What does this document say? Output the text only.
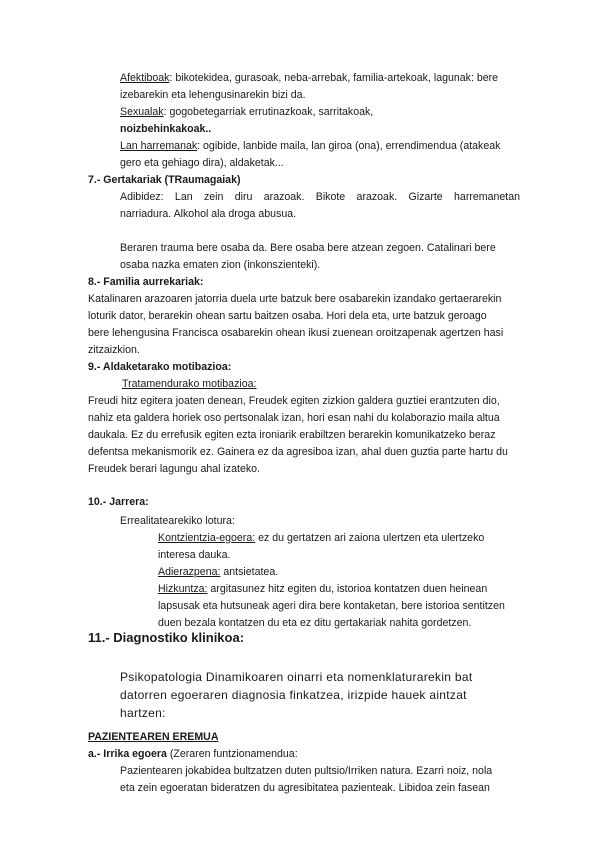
Afektiboak: bikotekidea, gurasoak, neba-arrebak, familia-artekoak, lagunak: bere

izebarekin eta lehengusinarekin bizi da.

Sexualak: gogobetegarriak errutinazkoak, sarritakoak,

noizbehinkakoak..

Lan harremanak: ogibide, lanbide maila, lan giroa (ona), errendimendua (atakeak

gero eta gehiago dira), aldaketak...

7.- Gertakariak (TRaumagaiak)

Adibidez: Lan zein diru arazoak. Bikote arazoak. Gizarte harremanetan

narriadura. Alkohol ala droga abusua.

Beraren trauma bere osaba da. Bere osaba bere atzean zegoen. Catalinari bere

osaba nazka ematen zion (inkonszienteki).

8.- Familia aurrekariak:

Katalinaren arazoaren jatorria duela urte batzuk bere osabarekin izandako gertaerarekin

loturik dator, berarekin ohean sartu baitzen osaba. Hori dela eta, urte batzuk geroago

bere lehengusina Francisca osabarekin ohean ikusi zuenean oroitzapenak agertzen hasi

zitzaizkion.

9.- Aldaketarako motibazioa:

Tratamendurako motibazioa:

Freudi hitz egitera joaten denean, Freudek egiten zizkion galdera guztiei erantzuten dio,

nahiz eta galdera horiek oso pertsonalak izan, hori esan nahi du kolaborazio maila altua

daukala. Ez du errefusik egiten ezta ironiarik erabiltzen berarekin komunikatzeko beraz

defentsa mekanismorik ez. Gainera ez da agresiboa izan, ahal duen guztia parte hartu du

Freudek berari lagungu ahal izateko.

10.- Jarrera:

Errealitatearekiko lotura:

Kontzientzia-egoera: ez du gertatzen ari zaiona ulertzen eta ulertzeko

interesa dauka.

Adierazpena: antsietatea.

Hizkuntza: argitasunez hitz egiten du, istorioa kontatzen duen heinean

lapsusak eta hutsuneak ageri dira bere kontaketan, bere istorioa sentitzen

duen bezala kontatzen du eta ez ditu gertakariak nahita gordetzen.

11.- Diagnostiko klinikoa:

Psikopatologia Dinamikoaren oinarri eta nomenklaturarekin bat

datorren egoeraren diagnosia finkatzea, irizpide hauek aintzat

hartzen:

PAZIENTEAREN EREMUA

a.- Irrika egoera (Zeraren funtzionamendua:

Pazientearen jokabidea bultzatzen duten pultsio/Irriken natura. Ezarri noiz, nola

eta zein egoeratan bideratzen du agresibitatea pazienteak. Libidoa zein fasean
